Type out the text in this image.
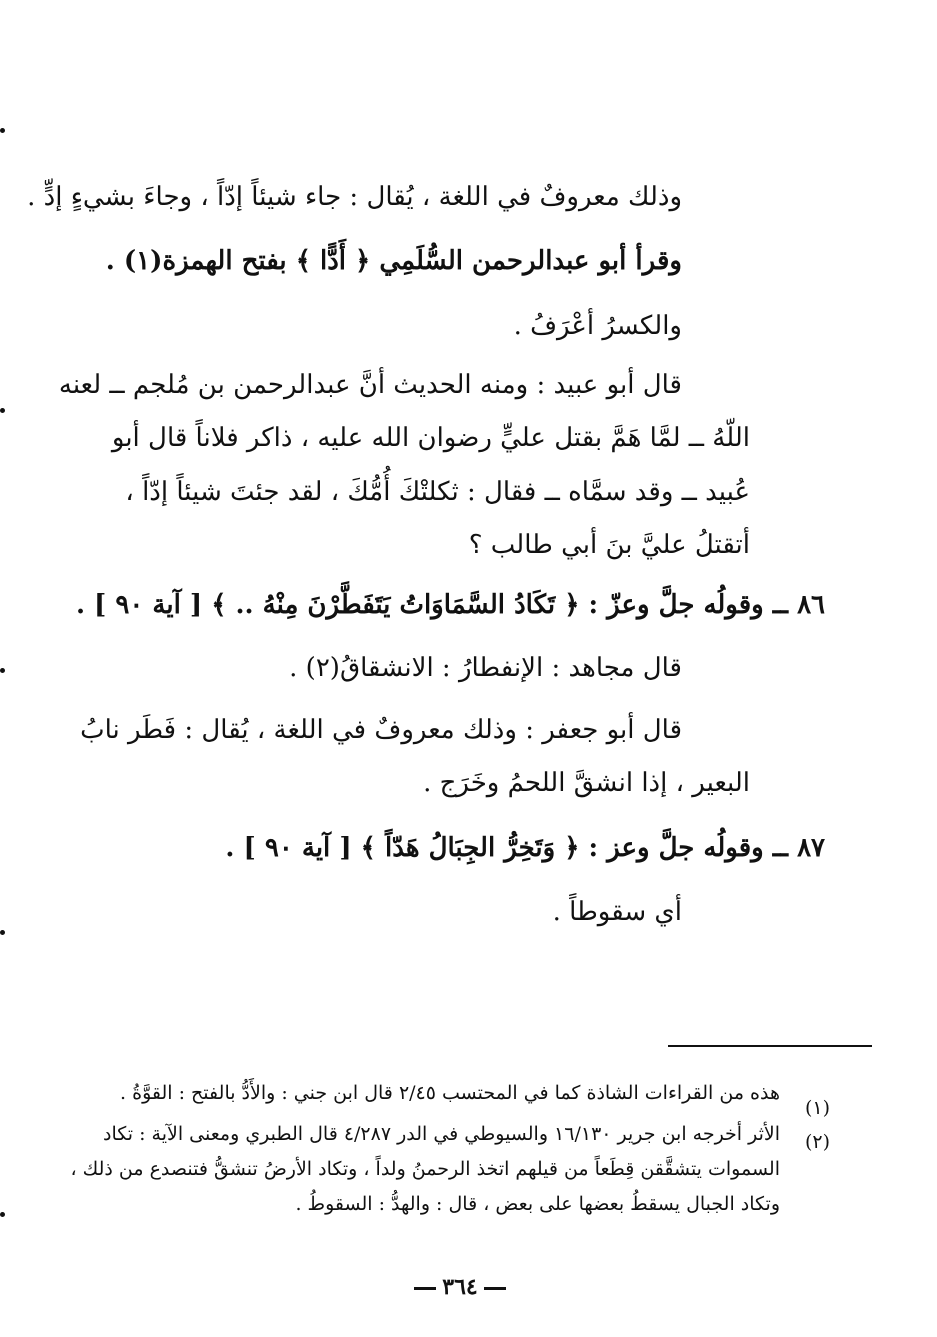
وذلك معروفٌ في اللغة ، يُقال : جاء شيئاً إدّاً ، وجاءَ بشيءٍ إدٍّ .
وقرأ أبو عبدالرحمن السُّلَمِي ﴿ أَدًّا ﴾ بفتح الهمزة(١) .
والكسرُ أعْرَفُ .
قال أبو عبيد : ومنه الحديث أنَّ عبدالرحمن بن مُلجم ــ لعنه
اللّهُ ــ لمَّا هَمَّ بقتل عليٍّ رضوان الله عليه ، ذاكر فلاناً قال أبو
عُبيد ــ وقد سمَّاه ــ فقال : ثكلتْكَ أُمُّكَ ، لقد جئتَ شيئاً إدّاً ،
أتقتلُ عليَّ بنَ أبي طالب ؟
٨٦ ــ وقولُه جلَّ وعزّ : ﴿ تَكَادُ السَّمَاوَاتُ يَتَفَطَّرْنَ مِنْهُ .. ﴾ [ آية ٩٠ ] .
قال مجاهد : الإنفطارُ : الانشقاقُ(٢) .
قال أبو جعفر : وذلك معروفٌ في اللغة ، يُقال : فَطَر نابُ
البعير ، إذا انشقَّ اللحمُ وخَرَج .
٨٧ ــ وقولُه جلَّ وعز : ﴿ وَتَخِرُّ الجِبَالُ هَدّاً ﴾ [ آية ٩٠ ] .
أي سقوطاً .
(١)
هذه من القراءات الشاذة كما في المحتسب ٢/٤٥ قال ابن جني : والأَدُّ بالفتح : القوَّةُ .
(٢)
الأثر أخرجه ابن جرير ١٦/١٣٠ والسيوطي في الدر ٤/٢٨٧ قال الطبري ومعنى الآية : تكاد
السموات يتشقَّقن قِطَعاً من قيلهم اتخذ الرحمنُ ولداً ، وتكاد الأرضُ تنشقُّ فتنصدع من ذلك ،
وتكاد الجبال يسقطُ بعضها على بعض ، قال : والهدُّ : السقوطُ .
٣٦٤
